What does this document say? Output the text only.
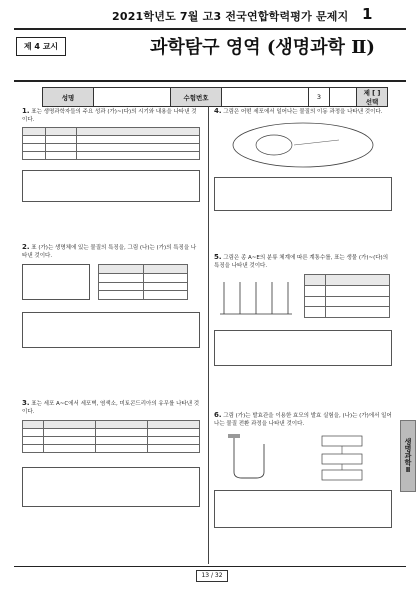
2021학년도 7월 고3 전국연합학력평가 문제지 1
제 4 교시	과학탐구 영역 (생명과학 Ⅱ)
성명		수험번호		3		제 [ ] 선택
1. 표는 생명과학자들의 주요 성과 (가)~(다)의 시기와 내용을 나타낸 것이다.

2. 표 (가)는 생명체에 있는 물질의 특징을, 그림 (나)는 (가)의 특징을 나타낸 것이다.

3. 표는 세포 A~C에서 세포벽, 염색소, 미토콘드리아의 유무를 나타낸 것이다.

4. 그림은 어떤 세포에서 일어나는 물질의 이동 과정을 나타낸 것이다.
5. 그림은 종 A~E의 분류 체계에 따른 계통수를, 표는 생물 (가)~(다)의 특징을 나타낸 것이다.

6. 그림 (가)는 발효관을 이용한 효모의 발효 실험을, (나)는 (가)에서 일어나는 물질 전환 과정을 나타낸 것이다.
생명과학Ⅱ
13 / 32
